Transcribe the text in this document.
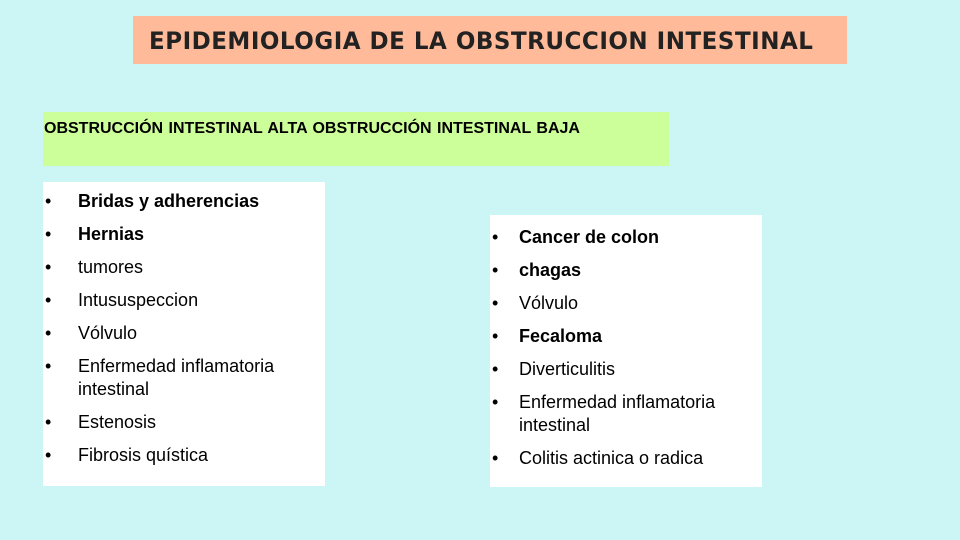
EPIDEMIOLOGIA DE LA OBSTRUCCION INTESTINAL
OBSTRUCCIÓN INTESTINAL ALTA OBSTRUCCIÓN INTESTINAL BAJA
• Bridas y adherencias
• Hernias
• tumores
• Intususpeccion
• Vólvulo
• Enfermedad inflamatoria intestinal
• Estenosis
• Fibrosis quística
• Cancer de colon
• chagas
• Vólvulo
• Fecaloma
• Diverticulitis
• Enfermedad inflamatoria intestinal
• Colitis actinica o radica
